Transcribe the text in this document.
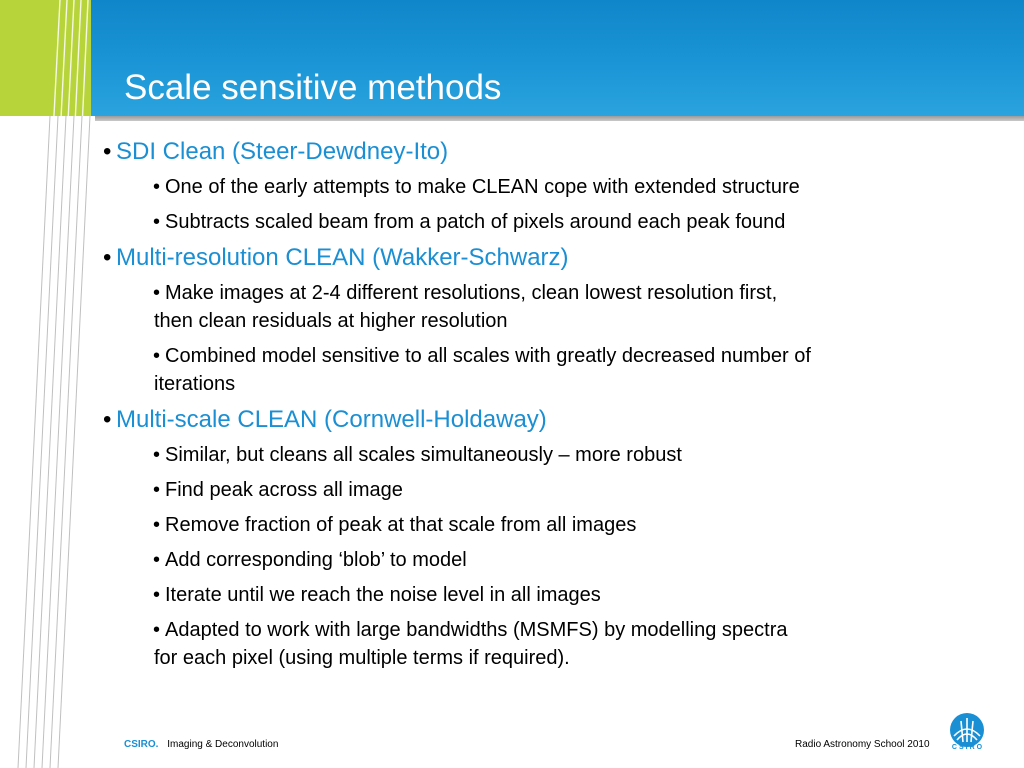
Scale sensitive methods
• SDI Clean (Steer-Dewdney-Ito)
• One of the early attempts to make CLEAN cope with extended structure
• Subtracts scaled beam from a patch of pixels around each peak found
• Multi-resolution CLEAN (Wakker-Schwarz)
• Make images at 2-4 different resolutions, clean lowest resolution first,
then clean residuals at higher resolution
• Combined model sensitive to all scales with greatly decreased number of
iterations
• Multi-scale CLEAN (Cornwell-Holdaway)
• Similar, but cleans all scales simultaneously – more robust
• Find peak across all image
• Remove fraction of peak at that scale from all images
• Add corresponding ‘blob’ to model
• Iterate until we reach the noise level in all images
• Adapted to work with large bandwidths (MSMFS) by modelling spectra
for each pixel (using multiple terms if required).
CSIRO. Imaging & Deconvolution	Radio Astronomy School 2010	CSIRO
